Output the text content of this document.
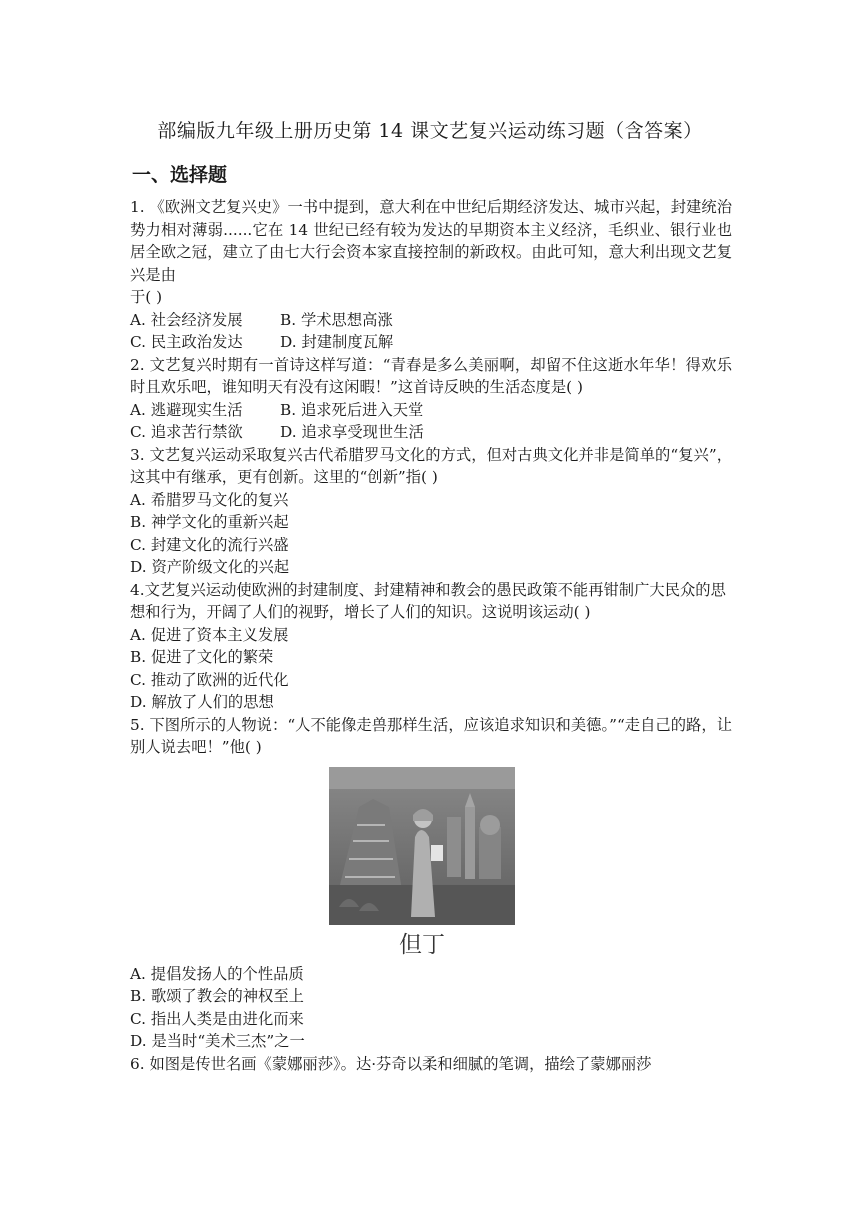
部编版九年级上册历史第 14 课文艺复兴运动练习题（含答案）
一、选择题
1. 《欧洲文艺复兴史》一书中提到，意大利在中世纪后期经济发达、城市兴起，封建统治势力相对薄弱......它在 14 世纪已经有较为发达的早期资本主义经济，毛织业、银行业也居全欧之冠，建立了由七大行会资本家直接控制的新政权。由此可知，意大利出现文艺复兴是由
于( )
A. 社会经济发展 B. 学术思想高涨
C. 民主政治发达 D. 封建制度瓦解
2. 文艺复兴时期有一首诗这样写道：“青春是多么美丽啊，却留不住这逝水年华！得欢乐时且欢乐吧，谁知明天有没有这闲暇！”这首诗反映的生活态度是( )
A. 逃避现实生活 B. 追求死后进入天堂
C. 追求苦行禁欲 D. 追求享受现世生活
3. 文艺复兴运动采取复兴古代希腊罗马文化的方式，但对古典文化并非是简单的“复兴”，这其中有继承，更有创新。这里的“创新”指( )
A. 希腊罗马文化的复兴
B. 神学文化的重新兴起
C. 封建文化的流行兴盛
D. 资产阶级文化的兴起
4.文艺复兴运动使欧洲的封建制度、封建精神和教会的愚民政策不能再钳制广大民众的思
想和行为，开阔了人们的视野，增长了人们的知识。这说明该运动( )
A. 促进了资本主义发展
B. 促进了文化的繁荣
C. 推动了欧洲的近代化
D. 解放了人们的思想
5. 下图所示的人物说：“人不能像走兽那样生活，应该追求知识和美德。”“走自己的路，让别人说去吧！”他( )
但丁
A. 提倡发扬人的个性品质
B. 歌颂了教会的神权至上
C. 指出人类是由进化而来
D. 是当时“美术三杰”之一
6. 如图是传世名画《蒙娜丽莎》。达·芬奇以柔和细腻的笔调，描绘了蒙娜丽莎
